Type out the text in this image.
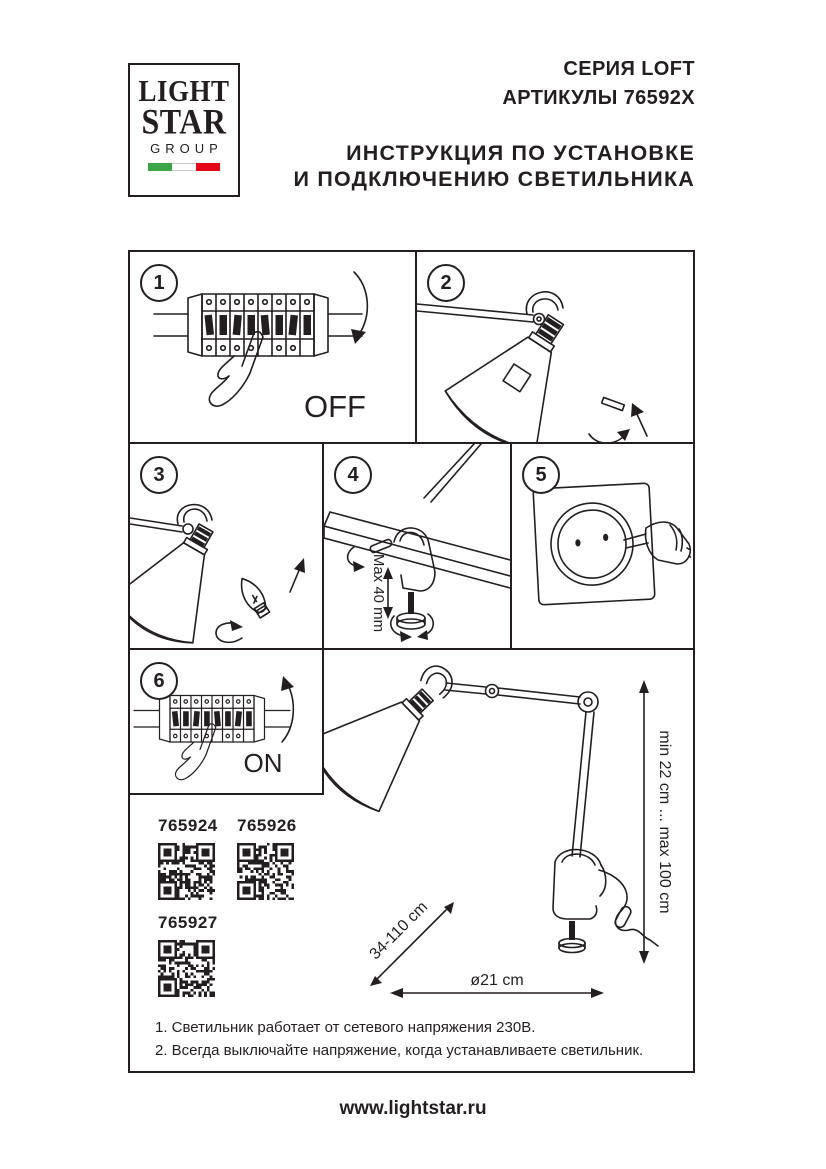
LIGHT
STAR
GROUP
СЕРИЯ LOFT
АРТИКУЛЫ 76592X
ИНСТРУКЦИЯ ПО УСТАНОВКЕ
И ПОДКЛЮЧЕНИЮ СВЕТИЛЬНИКА
1
OFF
2
3	4
Max 40 mm
5
6
ON
765924 765926
765927
min 22 cm ... max 100 cm
34-110 cm
ø21 cm
1. Светильник работает от сетевого напряжения 230В.
2. Всегда выключайте напряжение, когда устанавливаете светильник.
www.lightstar.ru
